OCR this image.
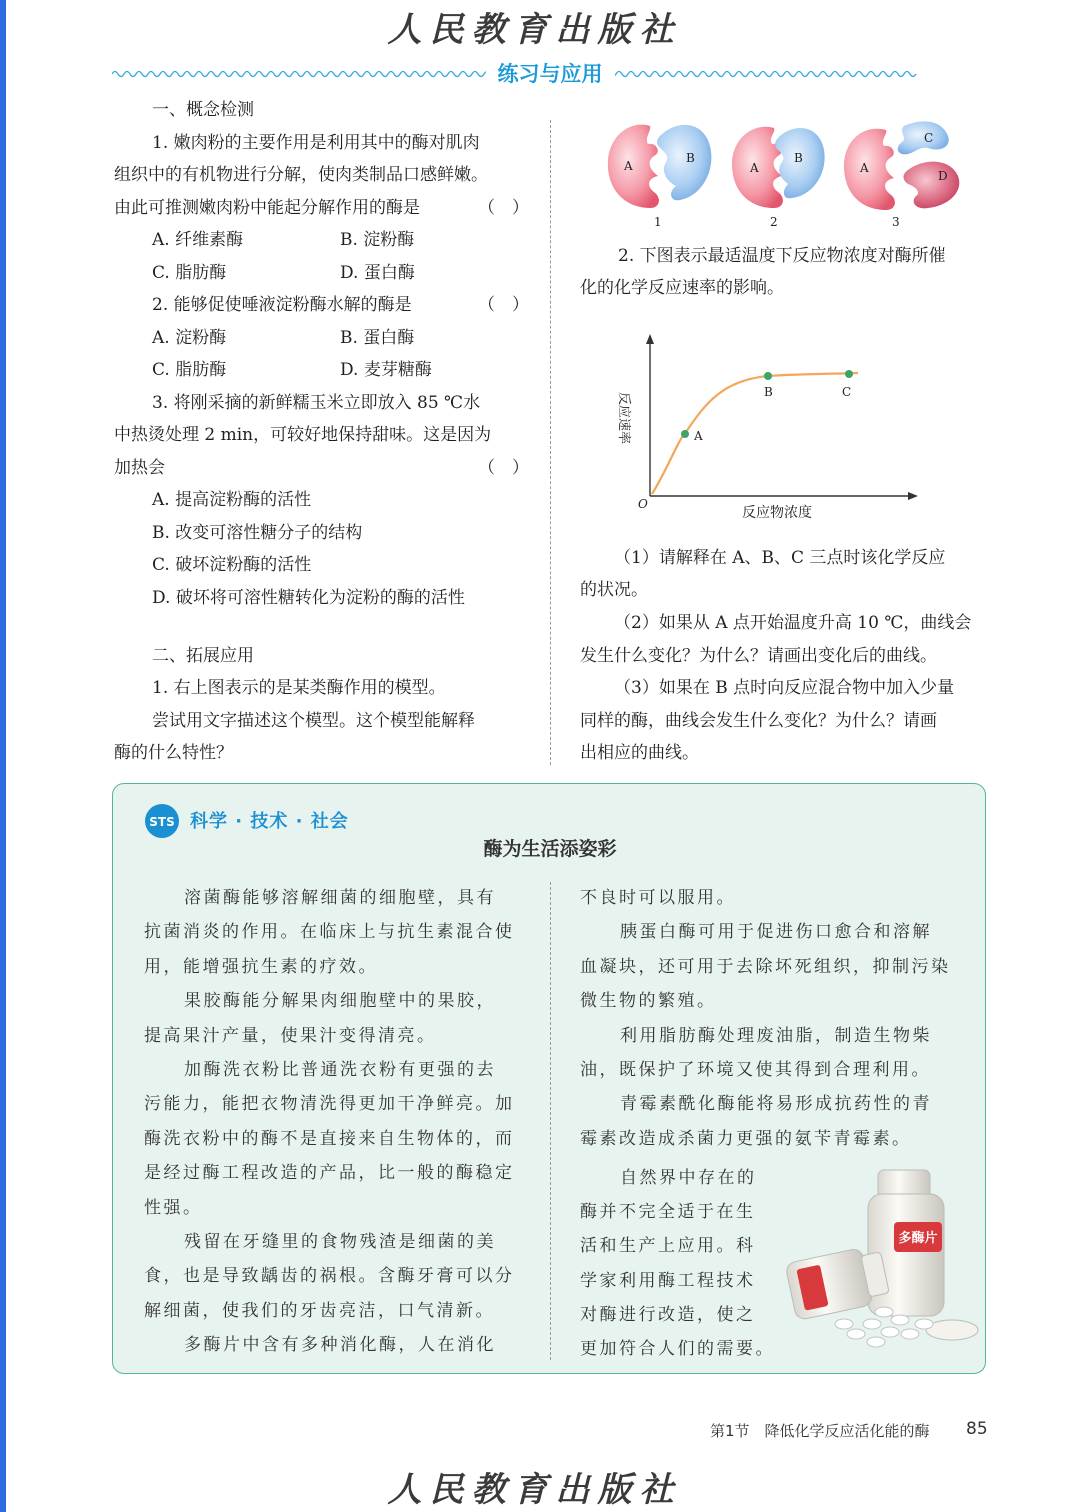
人民教育出版社
练习与应用
一、概念检测
1. 嫩肉粉的主要作用是利用其中的酶对肌肉
组织中的有机物进行分解，使肉类制品口感鲜嫩。
由此可推测嫩肉粉中能起分解作用的酶是	（　）
A. 纤维素酶	B. 淀粉酶
C. 脂肪酶	D. 蛋白酶
2. 能够促使唾液淀粉酶水解的酶是	（　）
A. 淀粉酶	B. 蛋白酶
C. 脂肪酶	D. 麦芽糖酶
3. 将刚采摘的新鲜糯玉米立即放入 85 ℃水
中热烫处理 2 min，可较好地保持甜味。这是因为
加热会	（　）
A. 提高淀粉酶的活性
B. 改变可溶性糖分子的结构
C. 破坏淀粉酶的活性
D. 破坏将可溶性糖转化为淀粉的酶的活性
二、拓展应用
1. 右上图表示的是某类酶作用的模型。
尝试用文字描述这个模型。这个模型能解释
酶的什么特性？
A
B
A
B
A
C
D
1	2	3
2. 下图表示最适温度下反应物浓度对酶所催
化的化学反应速率的影响。
A
B	C
O
反应速率
反应物浓度
（1）请解释在 A、B、C 三点时该化学反应
的状况。
（2）如果从 A 点开始温度升高 10 ℃，曲线会
发生什么变化？为什么？请画出变化后的曲线。
（3）如果在 B 点时向反应混合物中加入少量
同样的酶，曲线会发生什么变化？为什么？请画
出相应的曲线。
STS 科学 · 技术 · 社会
酶为生活添姿彩
溶菌酶能够溶解细菌的细胞壁，具有
抗菌消炎的作用。在临床上与抗生素混合使
用，能增强抗生素的疗效。
果胶酶能分解果肉细胞壁中的果胶，
提高果汁产量，使果汁变得清亮。
加酶洗衣粉比普通洗衣粉有更强的去
污能力，能把衣物清洗得更加干净鲜亮。加
酶洗衣粉中的酶不是直接来自生物体的，而
是经过酶工程改造的产品，比一般的酶稳定
性强。
残留在牙缝里的食物残渣是细菌的美
食，也是导致龋齿的祸根。含酶牙膏可以分
解细菌，使我们的牙齿亮洁，口气清新。
多酶片中含有多种消化酶，人在消化
不良时可以服用。
胰蛋白酶可用于促进伤口愈合和溶解
血凝块，还可用于去除坏死组织，抑制污染
微生物的繁殖。
利用脂肪酶处理废油脂，制造生物柴
油，既保护了环境又使其得到合理利用。
青霉素酰化酶能将易形成抗药性的青
霉素改造成杀菌力更强的氨苄青霉素。
自然界中存在的
酶并不完全适于在生
活和生产上应用。科
学家利用酶工程技术
对酶进行改造，使之
更加符合人们的需要。
多酶片
第1节　降低化学反应活化能的酶 85
人民教育出版社
